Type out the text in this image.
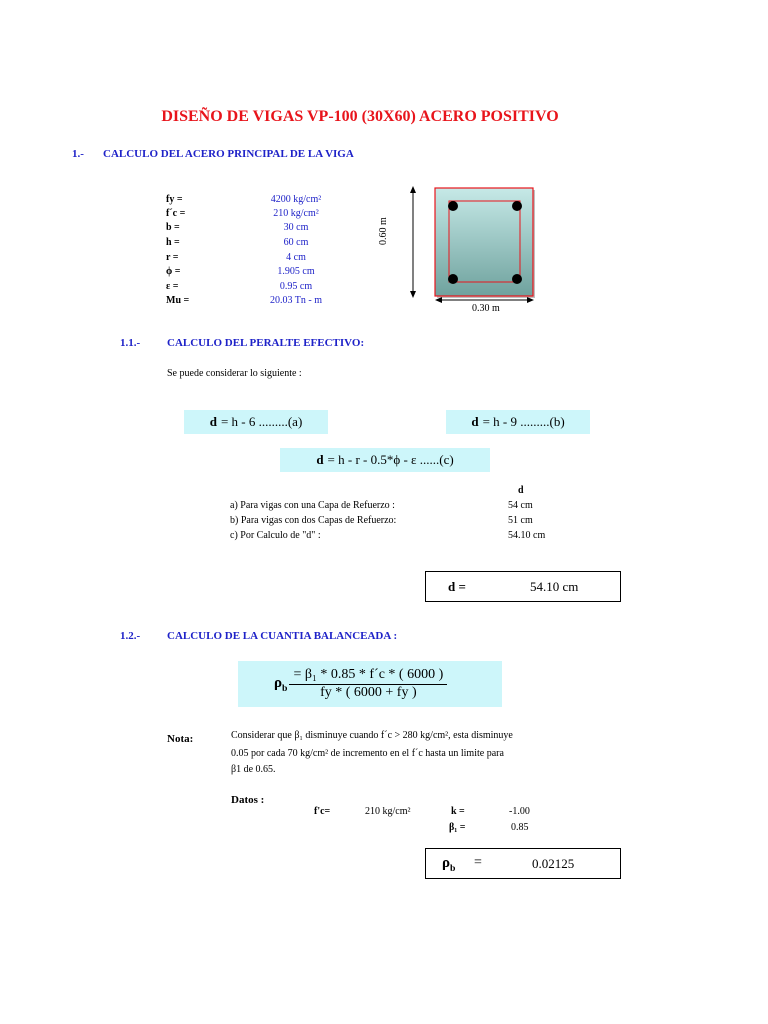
DISEÑO DE VIGAS VP-100 (30X60) ACERO POSITIVO
1.- CALCULO DEL ACERO PRINCIPAL DE LA VIGA
fy =	4200 kg/cm²
f´c =	210 kg/cm²
b =	30 cm
h =	60 cm
r =	4 cm
ϕ =	1.905 cm
ε =	0.95 cm
Mu =	20.03 Tn - m
0.60 m
0.30 m
1.1.- CALCULO DEL PERALTE EFECTIVO:
Se puede considerar lo siguiente :
d = h - 6 .........(a)	d = h - 9 .........(b)
d = h - r - 0.5*ϕ - ε ......(c)
d
a) Para vigas con una Capa de Refuerzo :	54 cm
b) Para vigas con dos Capas de Refuerzo:	51 cm
c) Por Calculo de "d" :	54.10 cm
d =	54.10 cm
1.2.- CALCULO DE LA CUANTIA BALANCEADA :
$\rho_b \frac{\text{= β₁ * 0.85 * f´c * ( 6000 )}}{fy * ( 6000 + fy )}$
Nota:	Considerar que β₁ disminuye cuando f´c > 280 kg/cm², esta disminuye
0.05 por cada 70 kg/cm² de incremento en el f´c hasta un limite para
β1 de 0.65.
Datos :
f'c=	210 kg/cm²	k =	-1.00
β₁ =	0.85
$\rho_b$ =	0.02125
